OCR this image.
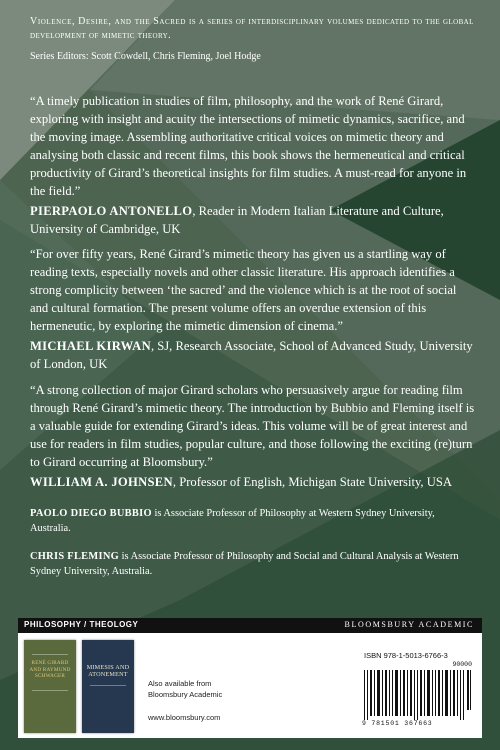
Violence, Desire, and the Sacred is a series of interdisciplinary volumes dedicated to the global development of mimetic theory.
Series Editors: Scott Cowdell, Chris Fleming, Joel Hodge

“A timely publication in studies of film, philosophy, and the work of René Girard, exploring with insight and acuity the intersections of mimetic dynamics, sacrifice, and the moving image. Assembling authoritative critical voices on mimetic theory and analysing both classic and recent films, this book shows the hermeneutical and critical productivity of Girard’s theoretical insights for film studies. A must-read for anyone in the field.”

PIERPAOLO ANTONELLO, Reader in Modern Italian Literature and Culture, University of Cambridge, UK

“For over fifty years, René Girard’s mimetic theory has given us a startling way of reading texts, especially novels and other classic literature. His approach identifies a strong complicity between ‘the sacred’ and the violence which is at the root of social and cultural formation. The present volume offers an overdue extension of this hermeneutic, by exploring the mimetic dimension of cinema.”

MICHAEL KIRWAN, SJ, Research Associate, School of Advanced Study, University of London, UK

“A strong collection of major Girard scholars who persuasively argue for reading film through René Girard’s mimetic theory. The introduction by Bubbio and Fleming itself is a valuable guide for extending Girard’s ideas. This volume will be of great interest and use for readers in film studies, popular culture, and those following the exciting (re)turn to Girard occurring at Bloomsbury.”

WILLIAM A. JOHNSEN, Professor of English, Michigan State University, USA

PAOLO DIEGO BUBBIO is Associate Professor of Philosophy at Western Sydney University, Australia.
CHRIS FLEMING is Associate Professor of Philosophy and Social and Cultural Analysis at Western Sydney University, Australia.
PHILOSOPHY / THEOLOGY	BLOOMSBURY ACADEMIC
RENÉ GIRARD AND RAYMUND SCHWAGER
MIMESIS AND ATONEMENT
Also available from Bloomsbury Academic
www.bloomsbury.com
ISBN 978-1-5013-6766-3
90000
9 781501 367663
